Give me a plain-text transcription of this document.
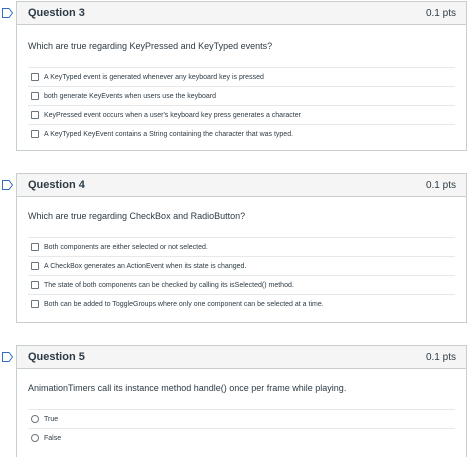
Question 3	0.1 pts
Which are true regarding KeyPressed and KeyTyped events?
A KeyTyped event is generated whenever any keyboard key is pressed
both generate KeyEvents when users use the keyboard
KeyPressed event occurs when a user's keyboard key press generates a character
A KeyTyped KeyEvent contains a String containing the character that was typed.
Question 4	0.1 pts
Which are true regarding CheckBox and RadioButton?
Both components are either selected or not selected.
A CheckBox generates an ActionEvent when its state is changed.
The state of both components can be checked by calling its isSelected() method.
Both can be added to ToggleGroups where only one component can be selected at a time.
Question 5	0.1 pts
AnimationTimers call its instance method handle() once per frame while playing.
True
False
